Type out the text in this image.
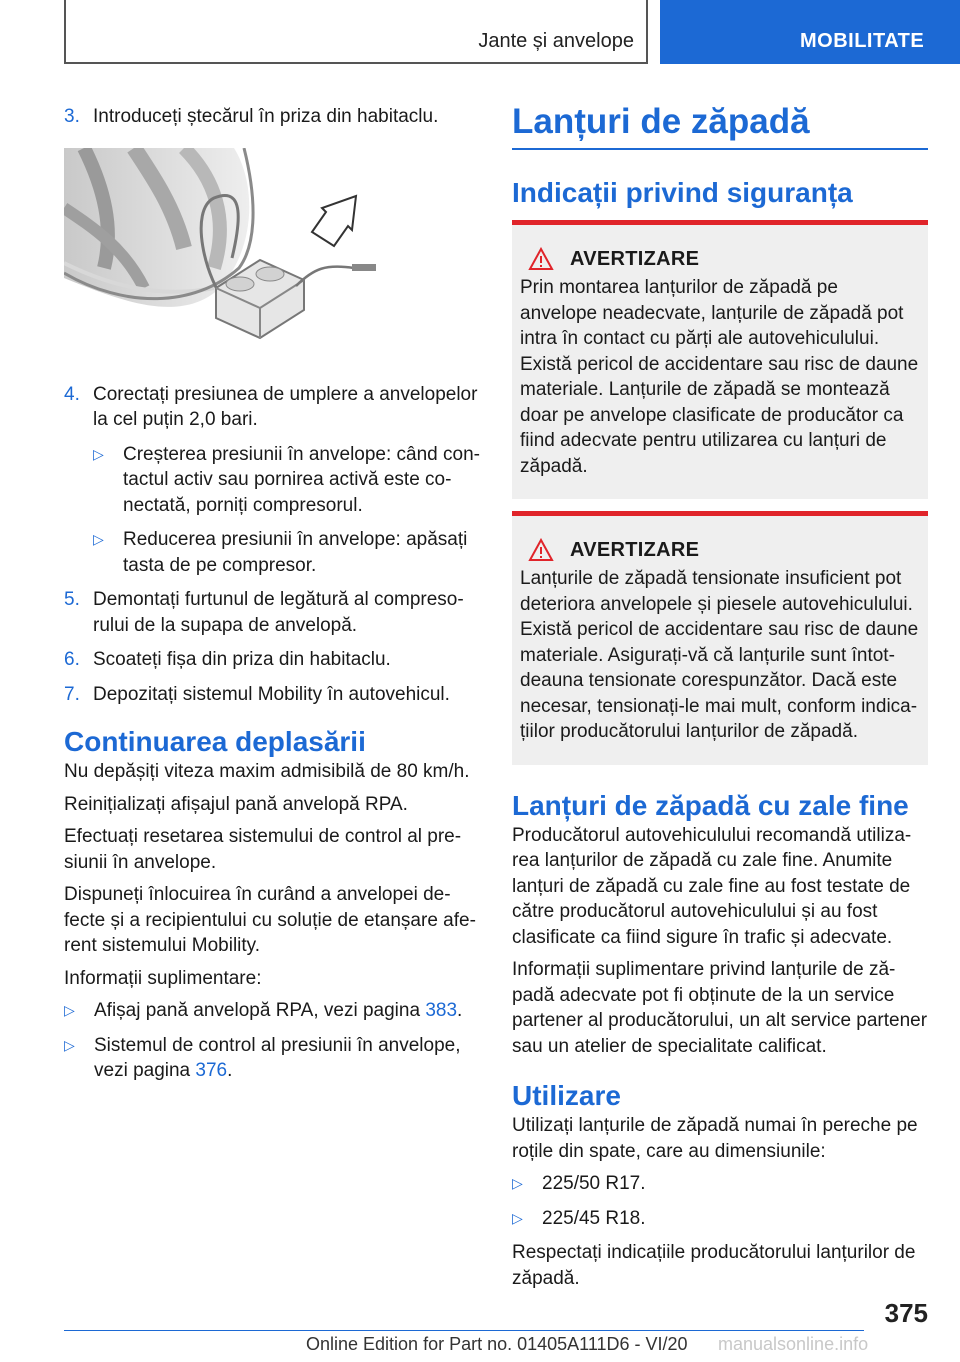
Jante și anvelope	MOBILITATE
3. Introduceți ștecărul în priza din habitaclu.

4. Corectați presiunea de umplere a anvelopelor la cel puțin 2,0 bari.

▷	Creșterea presiunii în anvelope: când contactul activ sau pornirea activă este conectată, porniți compresorul.

▷	Reducerea presiunii în anvelope: apăsați tasta de pe compresor.

5. Demontați furtunul de legătură al compresorului de la supapa de anvelopă.

6. Scoateți fișa din priza din habitaclu.

7. Depozitați sistemul Mobility în autovehicul.

Continuarea deplasării

Nu depășiți viteza maxim admisibilă de 80 km/h.

Reinițializați afișajul pană anvelopă RPA.

Efectuați resetarea sistemului de control al presiunii în anvelope.

Dispuneți înlocuirea în curând a anvelopei defecte și a recipientului cu soluție de etanșare aferent sistemului Mobility.

Informații suplimentare:

▷	Afișaj pană anvelopă RPA, vezi pagina 383.

▷	Sistemul de control al presiunii în anvelope, vezi pagina 376.

Lanțuri de zăpadă
Indicații privind siguranța
AVERTIZARE

Prin montarea lanțurilor de zăpadă pe anvelope neadecvate, lanțurile de zăpadă pot intra în contact cu părți ale autovehiculului. Există pericol de accidentare sau risc de daune materiale. Lanțurile de zăpadă se montează doar pe anvelope clasificate de producător ca fiind adecvate pentru utilizarea cu lanțuri de zăpadă.

AVERTIZARE

Lanțurile de zăpadă tensionate insuficient pot deteriora anvelopele și piesele autovehiculului. Există pericol de accidentare sau risc de daune materiale. Asigurați-vă că lanțurile sunt întotdeauna tensionate corespunzător. Dacă este necesar, tensionați-le mai mult, conform indicațiilor producătorului lanțurilor de zăpadă.

Lanțuri de zăpadă cu zale fine

Producătorul autovehiculului recomandă utilizarea lanțurilor de zăpadă cu zale fine. Anumite lanțuri de zăpadă cu zale fine au fost testate de către producătorul autovehiculului și au fost clasificate ca fiind sigure în trafic și adecvate.

Informații suplimentare privind lanțurile de zăpadă adecvate pot fi obținute de la un service partener al producătorului, un alt service partener sau un atelier de specialitate calificat.

Utilizare

Utilizați lanțurile de zăpadă numai în pereche pe roțile din spate, care au dimensiunile:

▷	225/50 R17.

▷	225/45 R18.

Respectați indicațiile producătorului lanțurilor de zăpadă.

375
Online Edition for Part no. 01405A111D6 - VI/20 manualsonline.info
